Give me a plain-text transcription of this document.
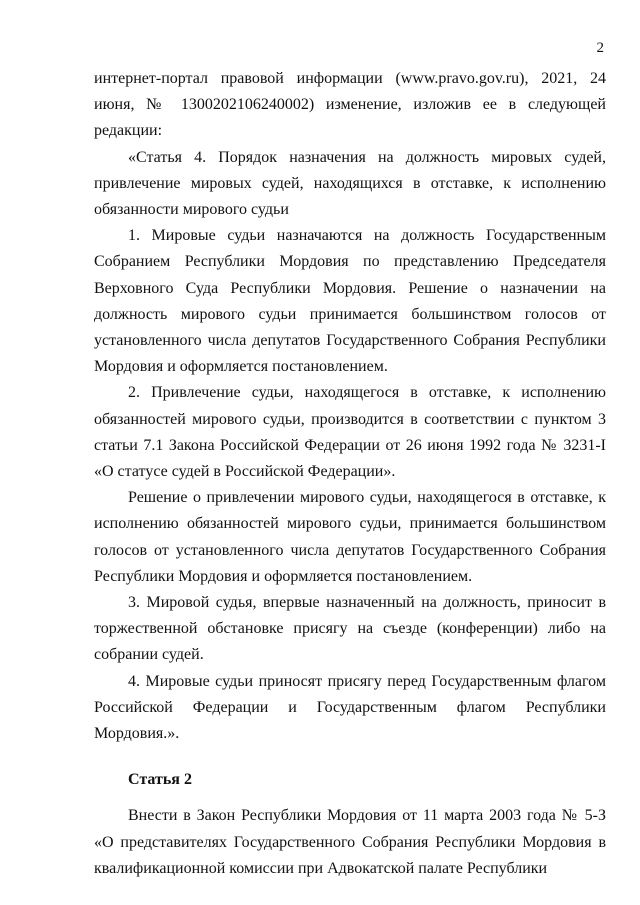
2

интернет-портал правовой информации (www.pravo.gov.ru), 2021, 24 июня, № 1300202106240002) изменение, изложив ее в следующей редакции:

«Статья 4. Порядок назначения на должность мировых судей, привлечение мировых судей, находящихся в отставке, к исполнению обязанности мирового судьи

1. Мировые судьи назначаются на должность Государственным Собранием Республики Мордовия по представлению Председателя Верховного Суда Республики Мордовия. Решение о назначении на должность мирового судьи принимается большинством голосов от установленного числа депутатов Государственного Собрания Республики Мордовия и оформляется постановлением.

2. Привлечение судьи, находящегося в отставке, к исполнению обязанностей мирового судьи, производится в соответствии с пунктом 3 статьи 7.1 Закона Российской Федерации от 26 июня 1992 года № 3231-I «О статусе судей в Российской Федерации».

Решение о привлечении мирового судьи, находящегося в отставке, к исполнению обязанностей мирового судьи, принимается большинством голосов от установленного числа депутатов Государственного Собрания Республики Мордовия и оформляется постановлением.

3. Мировой судья, впервые назначенный на должность, приносит в торжественной обстановке присягу на съезде (конференции) либо на собрании судей.

4. Мировые судьи приносят присягу перед Государственным флагом Российской Федерации и Государственным флагом Республики Мордовия.».

Статья 2

Внести в Закон Республики Мордовия от 11 марта 2003 года № 5-З «О представителях Государственного Собрания Республики Мордовия в квалификационной комиссии при Адвокатской палате Республики
